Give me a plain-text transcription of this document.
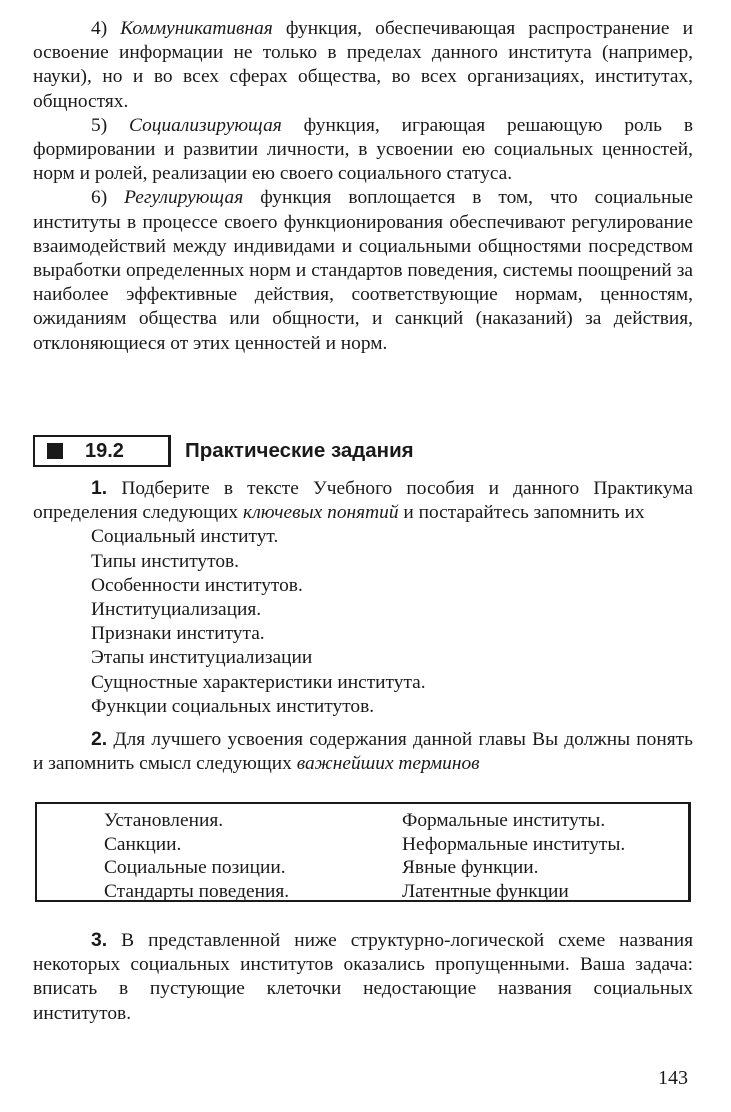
4) Коммуникативная функция, обеспечивающая распространение и освоение информации не только в пределах данного института (например, науки), но и во всех сферах общества, во всех организациях, институтах, общностях.

5) Социализирующая функция, играющая решающую роль в формировании и развитии личности, в усвоении ею социальных ценностей, норм и ролей, реализации ею своего социального статуса.

6) Регулирующая функция воплощается в том, что социальные институты в процессе своего функционирования обеспечивают регулирование взаимодействий между индивидами и социальными общностями посредством выработки определенных норм и стандартов поведения, системы поощрений за наиболее эффективные действия, соответствующие нормам, ценностям, ожиданиям общества или общности, и санкций (наказаний) за действия, отклоняющиеся от этих ценностей и норм.

19.2	Практические задания

1. Подберите в тексте Учебного пособия и данного Практикума определения следующих ключевых понятий и постарайтесь запомнить их

Социальный институт.
Типы институтов.
Особенности институтов.
Институциализация.
Признаки института.
Этапы институциализации
Сущностные характеристики института.
Функции социальных институтов.

2. Для лучшего усвоения содержания данной главы Вы должны понять и запомнить смысл следующих важнейших терминов

Установления.
Санкции.
Социальные позиции.
Стандарты поведения.
Формальные институты.
Неформальные институты.
Явные функции.
Латентные функции

3. В представленной ниже структурно-логической схеме названия некоторых социальных институтов оказались пропущенными. Ваша задача: вписать в пустующие клеточки недостающие названия социальных институтов.

143
